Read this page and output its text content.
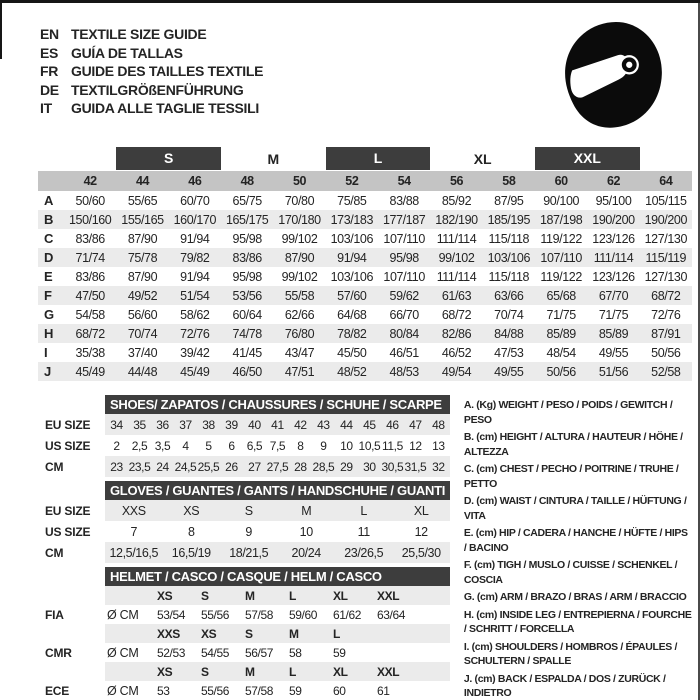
EN TEXTILE SIZE GUIDE
ES GUÍA DE TALLAS
FR GUIDE DES TAILLES TEXTILE
DE TEXTILGRÖßENFÜHRUNG
IT	GUIDA ALLE TAGLIE TESSILI
S	M	L	XL	XXL
42	44	46	48	50	52	54	56	58	60	62	64
A	50/60	55/65	60/70	65/75	70/80	75/85	83/88	85/92	87/95	90/100	95/100	105/115
B	150/160 155/165 160/170 165/175 170/180 173/183 177/187 182/190 185/195 187/198 190/200 190/200
C	83/86	87/90	91/94	95/98	99/102	103/106 107/110 111/114 115/118 119/122 123/126 127/130
D	71/74	75/78	79/82	83/86	87/90	91/94	95/98	99/102	103/106 107/110 111/114 115/119
E	83/86	87/90	91/94	95/98	99/102	103/106 107/110 111/114 115/118 119/122 123/126 127/130
F	47/50	49/52	51/54	53/56	55/58	57/60	59/62	61/63	63/66	65/68	67/70	68/72
G	54/58	56/60	58/62	60/64	62/66	64/68	66/70	68/72	70/74	71/75	71/75	72/76
H	68/72	70/74	72/76	74/78	76/80	78/82	80/84	82/86	84/88	85/89	85/89	87/91
I	35/38	37/40	39/42	41/45	43/47	45/50	46/51	46/52	47/53	48/54	49/55	50/56
J	45/49	44/48	45/49	46/50	47/51	48/52	48/53	49/54	49/55	50/56	51/56	52/58
SHOES/ ZAPATOS / CHAUSSURES / SCHUHE / SCARPE
EU SIZE	34 35 36 37 38 39 40 41 42 43 44 45 46 47 48
US SIZE	2	2,5 3,5	4	5	6	6,5 7,5	8	9	10 10,5 11,5 12 13
CM	23 23,5 24 24,5 25,5 26 27 27,5 28 28,5 29 30 30,5 31,5 32
GLOVES / GUANTES / GANTS / HANDSCHUHE / GUANTI
EU SIZE	XXS	XS	S	M	L	XL
US SIZE	7	8	9	10	11	12
CM	12,5/16,5	16,5/19	18/21,5	20/24	23/26,5	25,5/30
HELMET / CASCO / CASQUE / HELM / CASCO
XS	S	M	L	XL	XXL
FIA	Ø CM	53/54	55/56	57/58	59/60	61/62	63/64
XXS	XS	S	M	L
CMR	Ø CM	52/53	54/55	56/57	58	59
XS	S	M	L	XL	XXL
ECE	Ø CM	53	55/56	57/58	59	60	61
A. (Kg) WEIGHT / PESO / POIDS / GEWITCH / PESO
B. (cm) HEIGHT / ALTURA / HAUTEUR / HÖHE / ALTEZZA
C. (cm) CHEST / PECHO / POITRINE / TRUHE / PETTO
D. (cm) WAIST / CINTURA / TAILLE / HÜFTUNG / VITA
E. (cm) HIP / CADERA / HANCHE / HÜFTE / HIPS / BACINO
F. (cm) TIGH / MUSLO / CUISSE / SCHENKEL / COSCIA
G. (cm) ARM / BRAZO / BRAS / ARM / BRACCIO
H. (cm) INSIDE LEG / ENTREPIERNA / FOURCHE / SCHRITT / FORCELLA
I. (cm) SHOULDERS / HOMBROS / ÉPAULES / SCHULTERN / SPALLE
J. (cm) BACK / ESPALDA / DOS / ZURÜCK / INDIETRO
